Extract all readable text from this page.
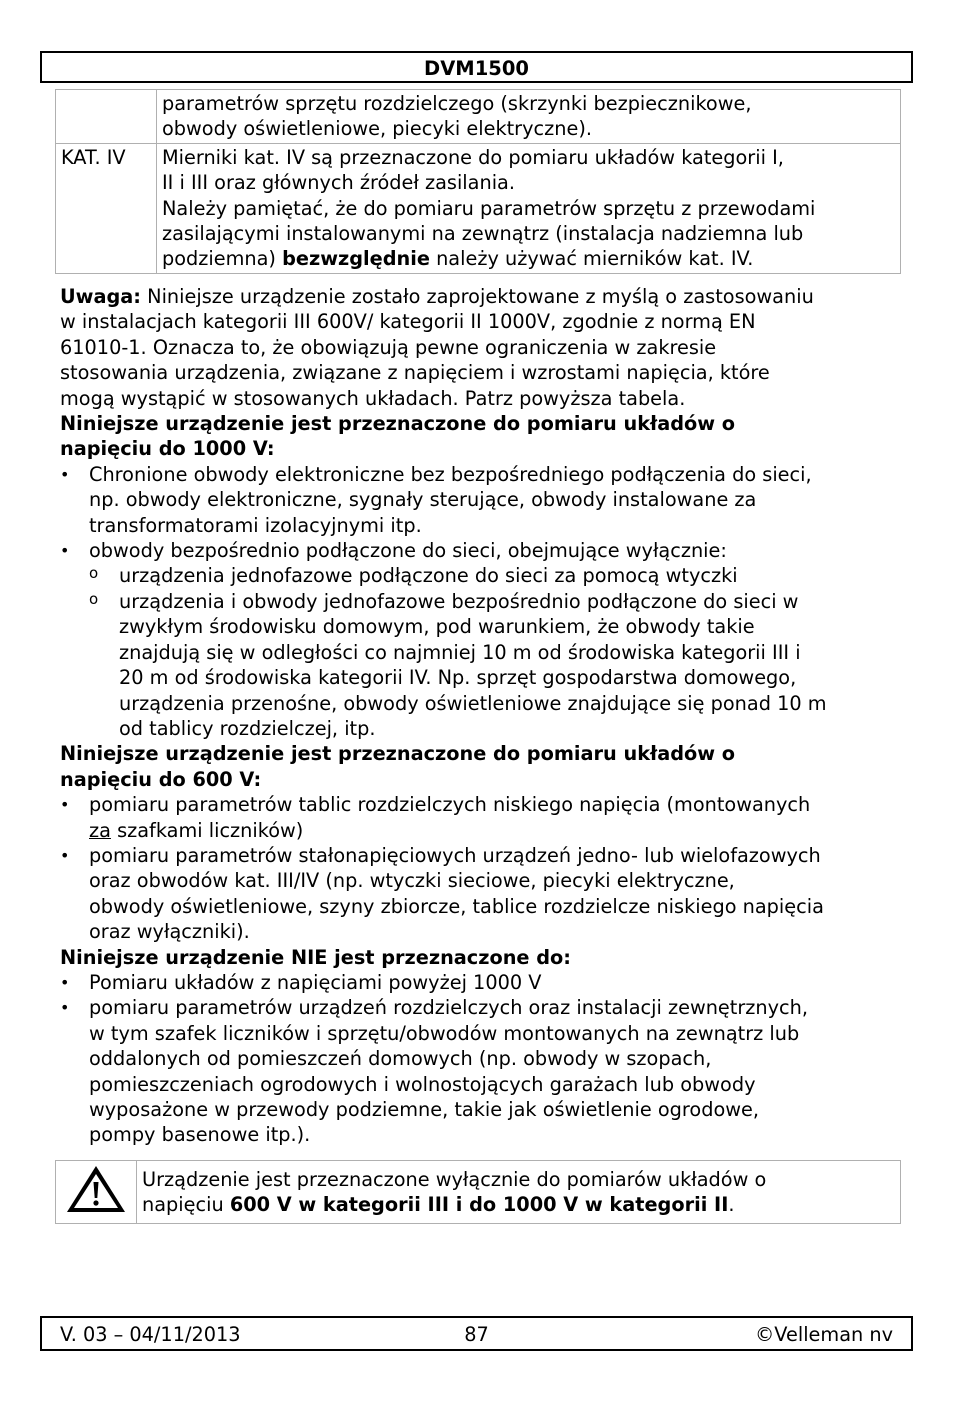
DVM1500

	parametrów sprzętu rozdzielczego (skrzynki bezpiecznikowe,
obwody oświetleniowe, piecyki elektryczne).

KAT. IV	Mierniki kat. IV są przeznaczone do pomiaru układów kategorii I,
II i III oraz głównych źródeł zasilania.
Należy pamiętać, że do pomiaru parametrów sprzętu z przewodami
zasilającymi instalowanymi na zewnątrz (instalacja nadziemna lub
podziemna) bezwzględnie należy używać mierników kat. IV.

Uwaga: Niniejsze urządzenie zostało zaprojektowane z myślą o zastosowaniu
w instalacjach kategorii III 600V/ kategorii II 1000V, zgodnie z normą EN
61010-1. Oznacza to, że obowiązują pewne ograniczenia w zakresie
stosowania urządzenia, związane z napięciem i wzrostami napięcia, które
mogą wystąpić w stosowanych układach. Patrz powyższa tabela.

Niniejsze urządzenie jest przeznaczone do pomiaru układów o
napięciu do 1000 V:

• Chronione obwody elektroniczne bez bezpośredniego podłączenia do sieci,
np. obwody elektroniczne, sygnały sterujące, obwody instalowane za
transformatorami izolacyjnymi itp.
• obwody bezpośrednio podłączone do sieci, obejmujące wyłącznie:
o urządzenia jednofazowe podłączone do sieci za pomocą wtyczki
o urządzenia i obwody jednofazowe bezpośrednio podłączone do sieci w
zwykłym środowisku domowym, pod warunkiem, że obwody takie
znajdują się w odległości co najmniej 10 m od środowiska kategorii III i
20 m od środowiska kategorii IV. Np. sprzęt gospodarstwa domowego,
urządzenia przenośne, obwody oświetleniowe znajdujące się ponad 10 m
od tablicy rozdzielczej, itp.

Niniejsze urządzenie jest przeznaczone do pomiaru układów o
napięciu do 600 V:

• pomiaru parametrów tablic rozdzielczych niskiego napięcia (montowanych
za szafkami liczników)
• pomiaru parametrów stałonapięciowych urządzeń jedno- lub wielofazowych
oraz obwodów kat. III/IV (np. wtyczki sieciowe, piecyki elektryczne,
obwody oświetleniowe, szyny zbiorcze, tablice rozdzielcze niskiego napięcia
oraz wyłączniki).

Niniejsze urządzenie NIE jest przeznaczone do:

• Pomiaru układów z napięciami powyżej 1000 V
• pomiaru parametrów urządzeń rozdzielczych oraz instalacji zewnętrznych,
w tym szafek liczników i sprzętu/obwodów montowanych na zewnątrz lub
oddalonych od pomieszczeń domowych (np. obwody w szopach,
pomieszczeniach ogrodowych i wolnostojących garażach lub obwody
wyposażone w przewody podziemne, takie jak oświetlenie ogrodowe,
pompy basenowe itp.).
	Urządzenie jest przeznaczone wyłącznie do pomiarów układów o
napięciu 600 V w kategorii III i do 1000 V w kategorii II.
V. 03 – 04/11/2013	87	©Velleman nv
